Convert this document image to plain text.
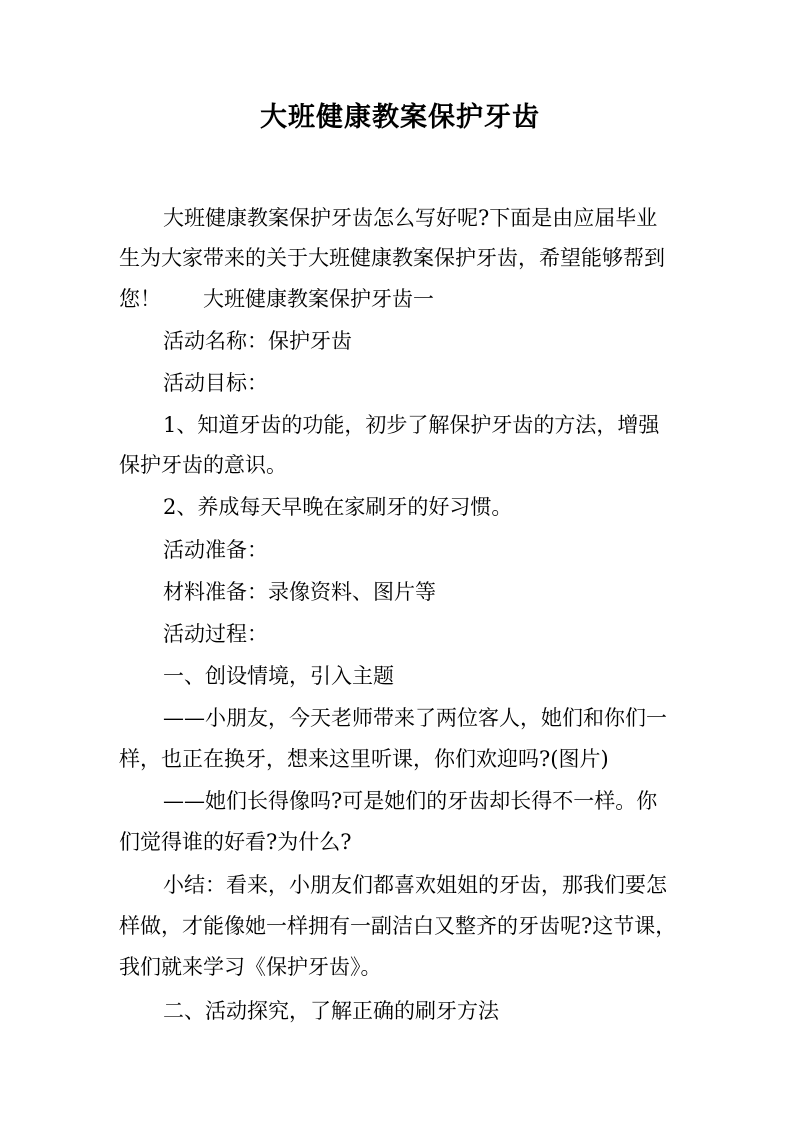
大班健康教案保护牙齿

大班健康教案保护牙齿怎么写好呢?下面是由应届毕业

生为大家带来的关于大班健康教案保护牙齿，希望能够帮到

您！　　大班健康教案保护牙齿一

活动名称：保护牙齿

活动目标：

1、知道牙齿的功能，初步了解保护牙齿的方法，增强

保护牙齿的意识。

2、养成每天早晚在家刷牙的好习惯。

活动准备：

材料准备：录像资料、图片等

活动过程：

一、创设情境，引入主题

——小朋友，今天老师带来了两位客人，她们和你们一

样，也正在换牙，想来这里听课，你们欢迎吗?(图片)

——她们长得像吗?可是她们的牙齿却长得不一样。你

们觉得谁的好看?为什么?

小结：看来，小朋友们都喜欢姐姐的牙齿，那我们要怎

样做，才能像她一样拥有一副洁白又整齐的牙齿呢?这节课，

我们就来学习《保护牙齿》。

二、活动探究，了解正确的刷牙方法
